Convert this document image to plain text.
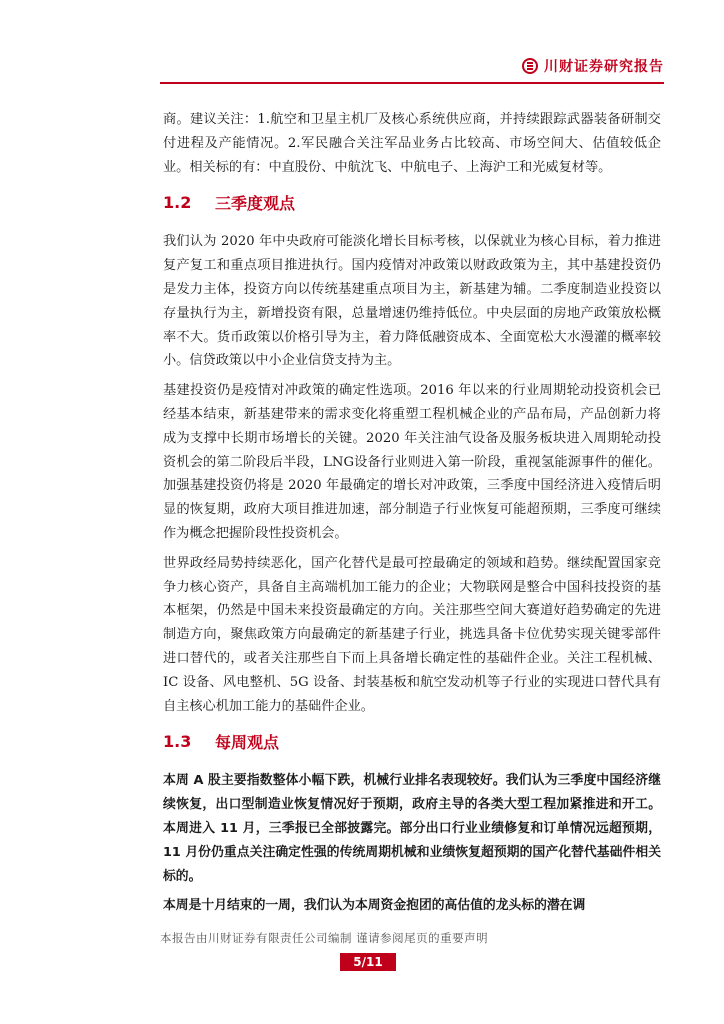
川财证券研究报告

商。建议关注：1.航空和卫星主机厂及核心系统供应商，并持续跟踪武器装备研制交付进程及产能情况。2.军民融合关注军品业务占比较高、市场空间大、估值较低企业。相关标的有：中直股份、中航沈飞、中航电子、上海沪工和光威复材等。

1.2	三季度观点

我们认为 2020 年中央政府可能淡化增长目标考核，以保就业为核心目标，着力推进复产复工和重点项目推进执行。国内疫情对冲政策以财政政策为主，其中基建投资仍是发力主体，投资方向以传统基建重点项目为主，新基建为辅。二季度制造业投资以存量执行为主，新增投资有限，总量增速仍维持低位。中央层面的房地产政策放松概率不大。货币政策以价格引导为主，着力降低融资成本、全面宽松大水漫灌的概率较小。信贷政策以中小企业信贷支持为主。

基建投资仍是疫情对冲政策的确定性选项。2016 年以来的行业周期轮动投资机会已经基本结束，新基建带来的需求变化将重塑工程机械企业的产品布局，产品创新力将成为支撑中长期市场增长的关键。2020 年关注油气设备及服务板块进入周期轮动投资机会的第二阶段后半段，LNG设备行业则进入第一阶段，重视氢能源事件的催化。加强基建投资仍将是 2020 年最确定的增长对冲政策，三季度中国经济进入疫情后明显的恢复期，政府大项目推进加速，部分制造子行业恢复可能超预期，三季度可继续作为概念把握阶段性投资机会。

世界政经局势持续恶化，国产化替代是最可控最确定的领域和趋势。继续配置国家竞争力核心资产，具备自主高端机加工能力的企业；大物联网是整合中国科技投资的基本框架，仍然是中国未来投资最确定的方向。关注那些空间大赛道好趋势确定的先进制造方向，聚焦政策方向最确定的新基建子行业，挑选具备卡位优势实现关键零部件进口替代的，或者关注那些自下而上具备增长确定性的基础件企业。关注工程机械、IC 设备、风电整机、5G 设备、封装基板和航空发动机等子行业的实现进口替代具有自主核心机加工能力的基础件企业。

1.3	每周观点

本周 A 股主要指数整体小幅下跌，机械行业排名表现较好。我们认为三季度中国经济继续恢复，出口型制造业恢复情况好于预期，政府主导的各类大型工程加紧推进和开工。本周进入 11 月，三季报已全部披露完。部分出口行业业绩修复和订单情况远超预期，11 月份仍重点关注确定性强的传统周期机械和业绩恢复超预期的国产化替代基础件相关标的。

本周是十月结束的一周，我们认为本周资金抱团的高估值的龙头标的潜在调

本报告由川财证券有限责任公司编制 谨请参阅尾页的重要声明
5/11
